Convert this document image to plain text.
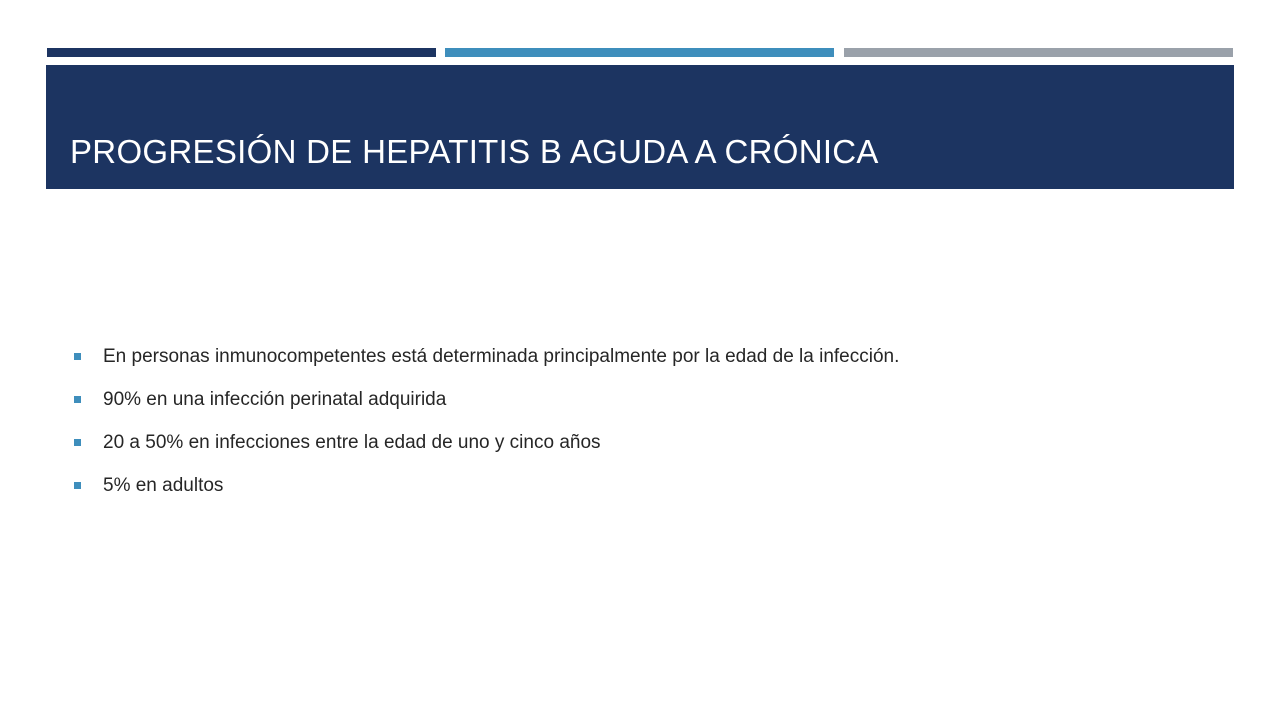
PROGRESIÓN DE HEPATITIS B AGUDA A CRÓNICA
En personas inmunocompetentes está determinada principalmente por la edad de la infección.
90% en una infección perinatal adquirida
20 a 50% en infecciones entre la edad de uno y cinco años
5% en adultos
